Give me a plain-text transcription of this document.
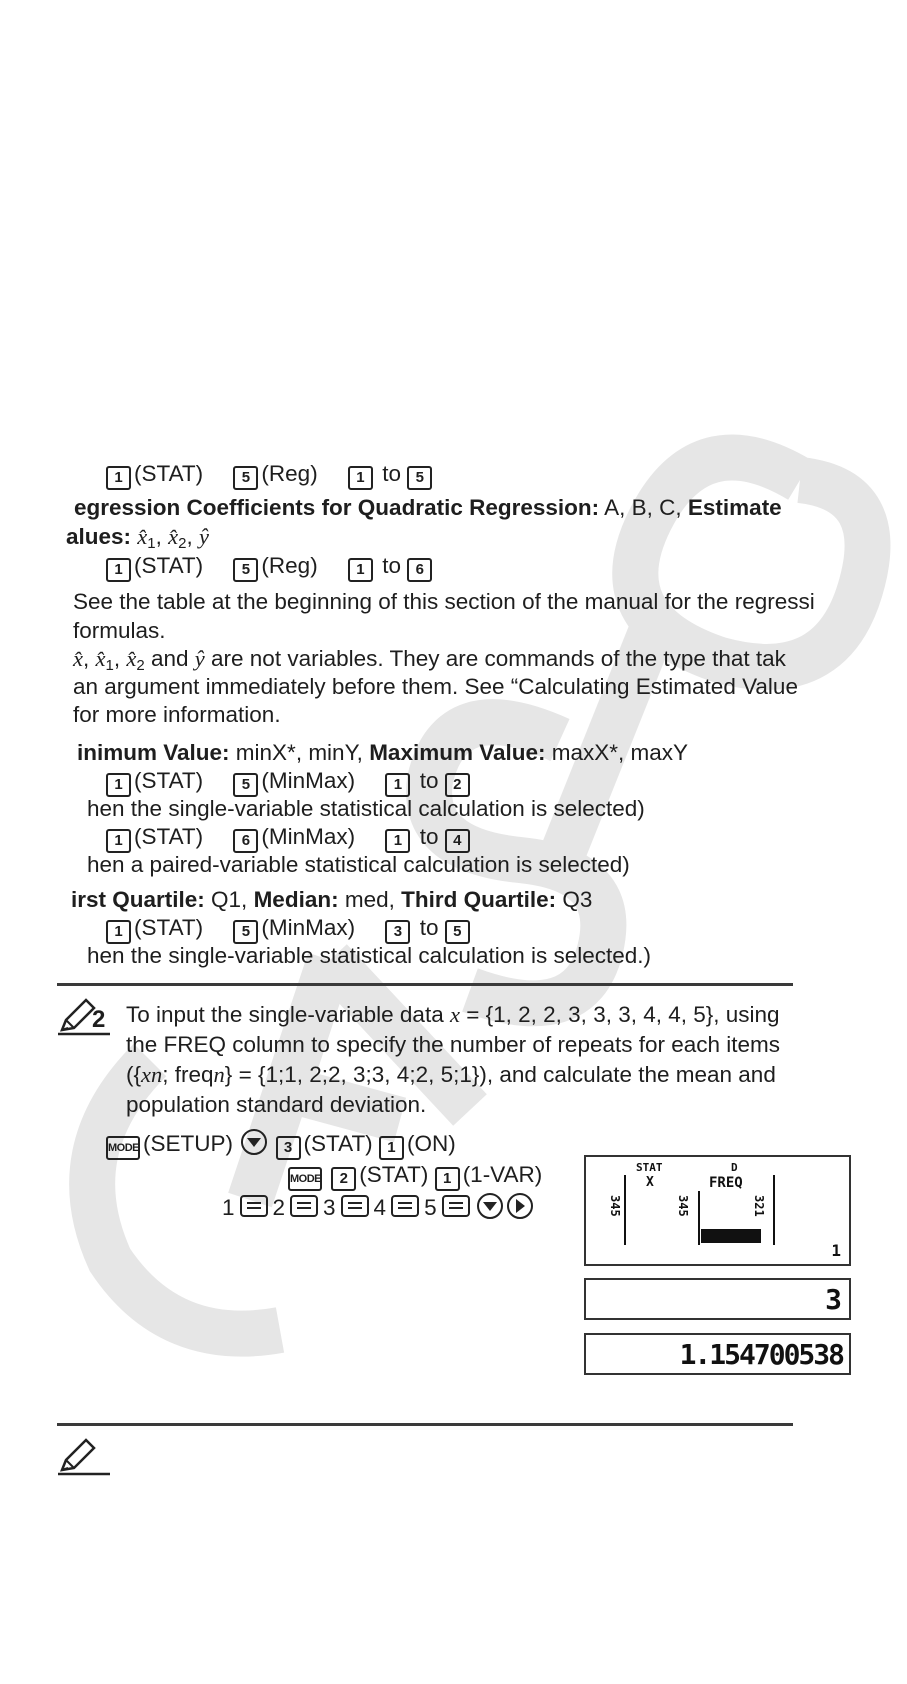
1 (STAT)	5 (Reg)	1 to 5
egression Coefficients for Quadratic Regression: A, B, C, Estimate
alues: x̂1, x̂2, ŷ
1 (STAT)	5 (Reg)	1 to 6
See the table at the beginning of this section of the manual for the regressi
formulas.
x̂, x̂1, x̂2 and ŷ are not variables. They are commands of the type that tak
an argument immediately before them. See “Calculating Estimated Value
for more information.
inimum Value: minX*, minY, Maximum Value: maxX*, maxY
1 (STAT)	5 (MinMax)	1 to 2
hen the single-variable statistical calculation is selected)
1 (STAT)	6 (MinMax)	1 to 4
hen a paired-variable statistical calculation is selected)
irst Quartile: Q1, Median: med, Third Quartile: Q3
1 (STAT)	5 (MinMax)	3 to 5
hen the single-variable statistical calculation is selected.)
2 To input the single-variable data x = {1, 2, 2, 3, 3, 3, 4, 4, 5}, using
the FREQ column to specify the number of repeats for each items
({xn; freqn} = {1;1, 2;2, 3;3, 4;2, 5;1}), and calculate the mean and
population standard deviation.
MODE (SETUP)	3 (STAT) 1 (ON)
MODE 2 (STAT) 1 (1-VAR)
1 2 3 4 5
STAT	D
X	FREQ
345	345	321
1
3
1.154700538
